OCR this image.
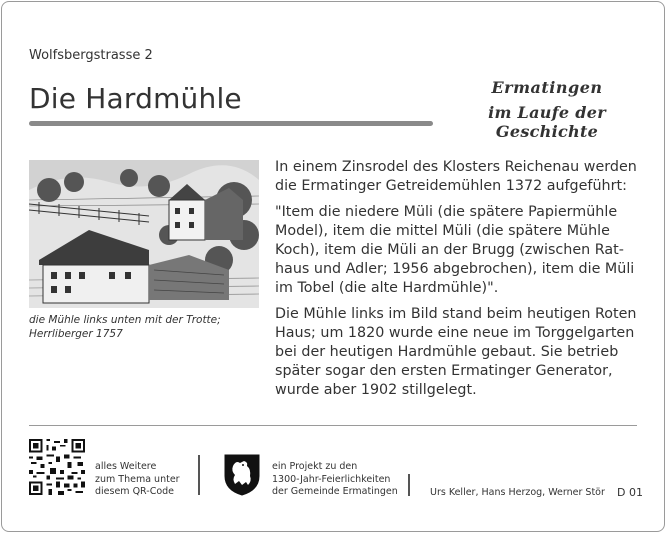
Wolfsbergstrasse 2
Die Hardmühle	Ermatingen
im Laufe der Geschichte
die Mühle links unten mit der Trotte;
Herrliberger 1757

In einem Zinsrodel des Klosters Reichenau werden die Ermatinger Getreidemühlen 1372 aufgeführt:

"Item die niedere Müli (die spätere Papiermühle Model), item die mittel Müli (die spätere Mühle Koch), item die Müli an der Brugg (zwischen Rat-haus und Adler; 1956 abgebrochen), item die Müli im Tobel (die alte Hardmühle)".

Die Mühle links im Bild stand beim heutigen Roten Haus; um 1820 wurde eine neue im Torggelgarten bei der heutigen Hardmühle gebaut. Sie betrieb später sogar den ersten Ermatinger Generator, wurde aber 1902 stillgelegt.

alles Weitere
zum Thema unter
diesem QR-Code
ein Projekt zu den
1300-Jahr-Feierlichkeiten
der Gemeinde Ermatingen	Urs Keller, Hans Herzog, Werner Stör D 01
